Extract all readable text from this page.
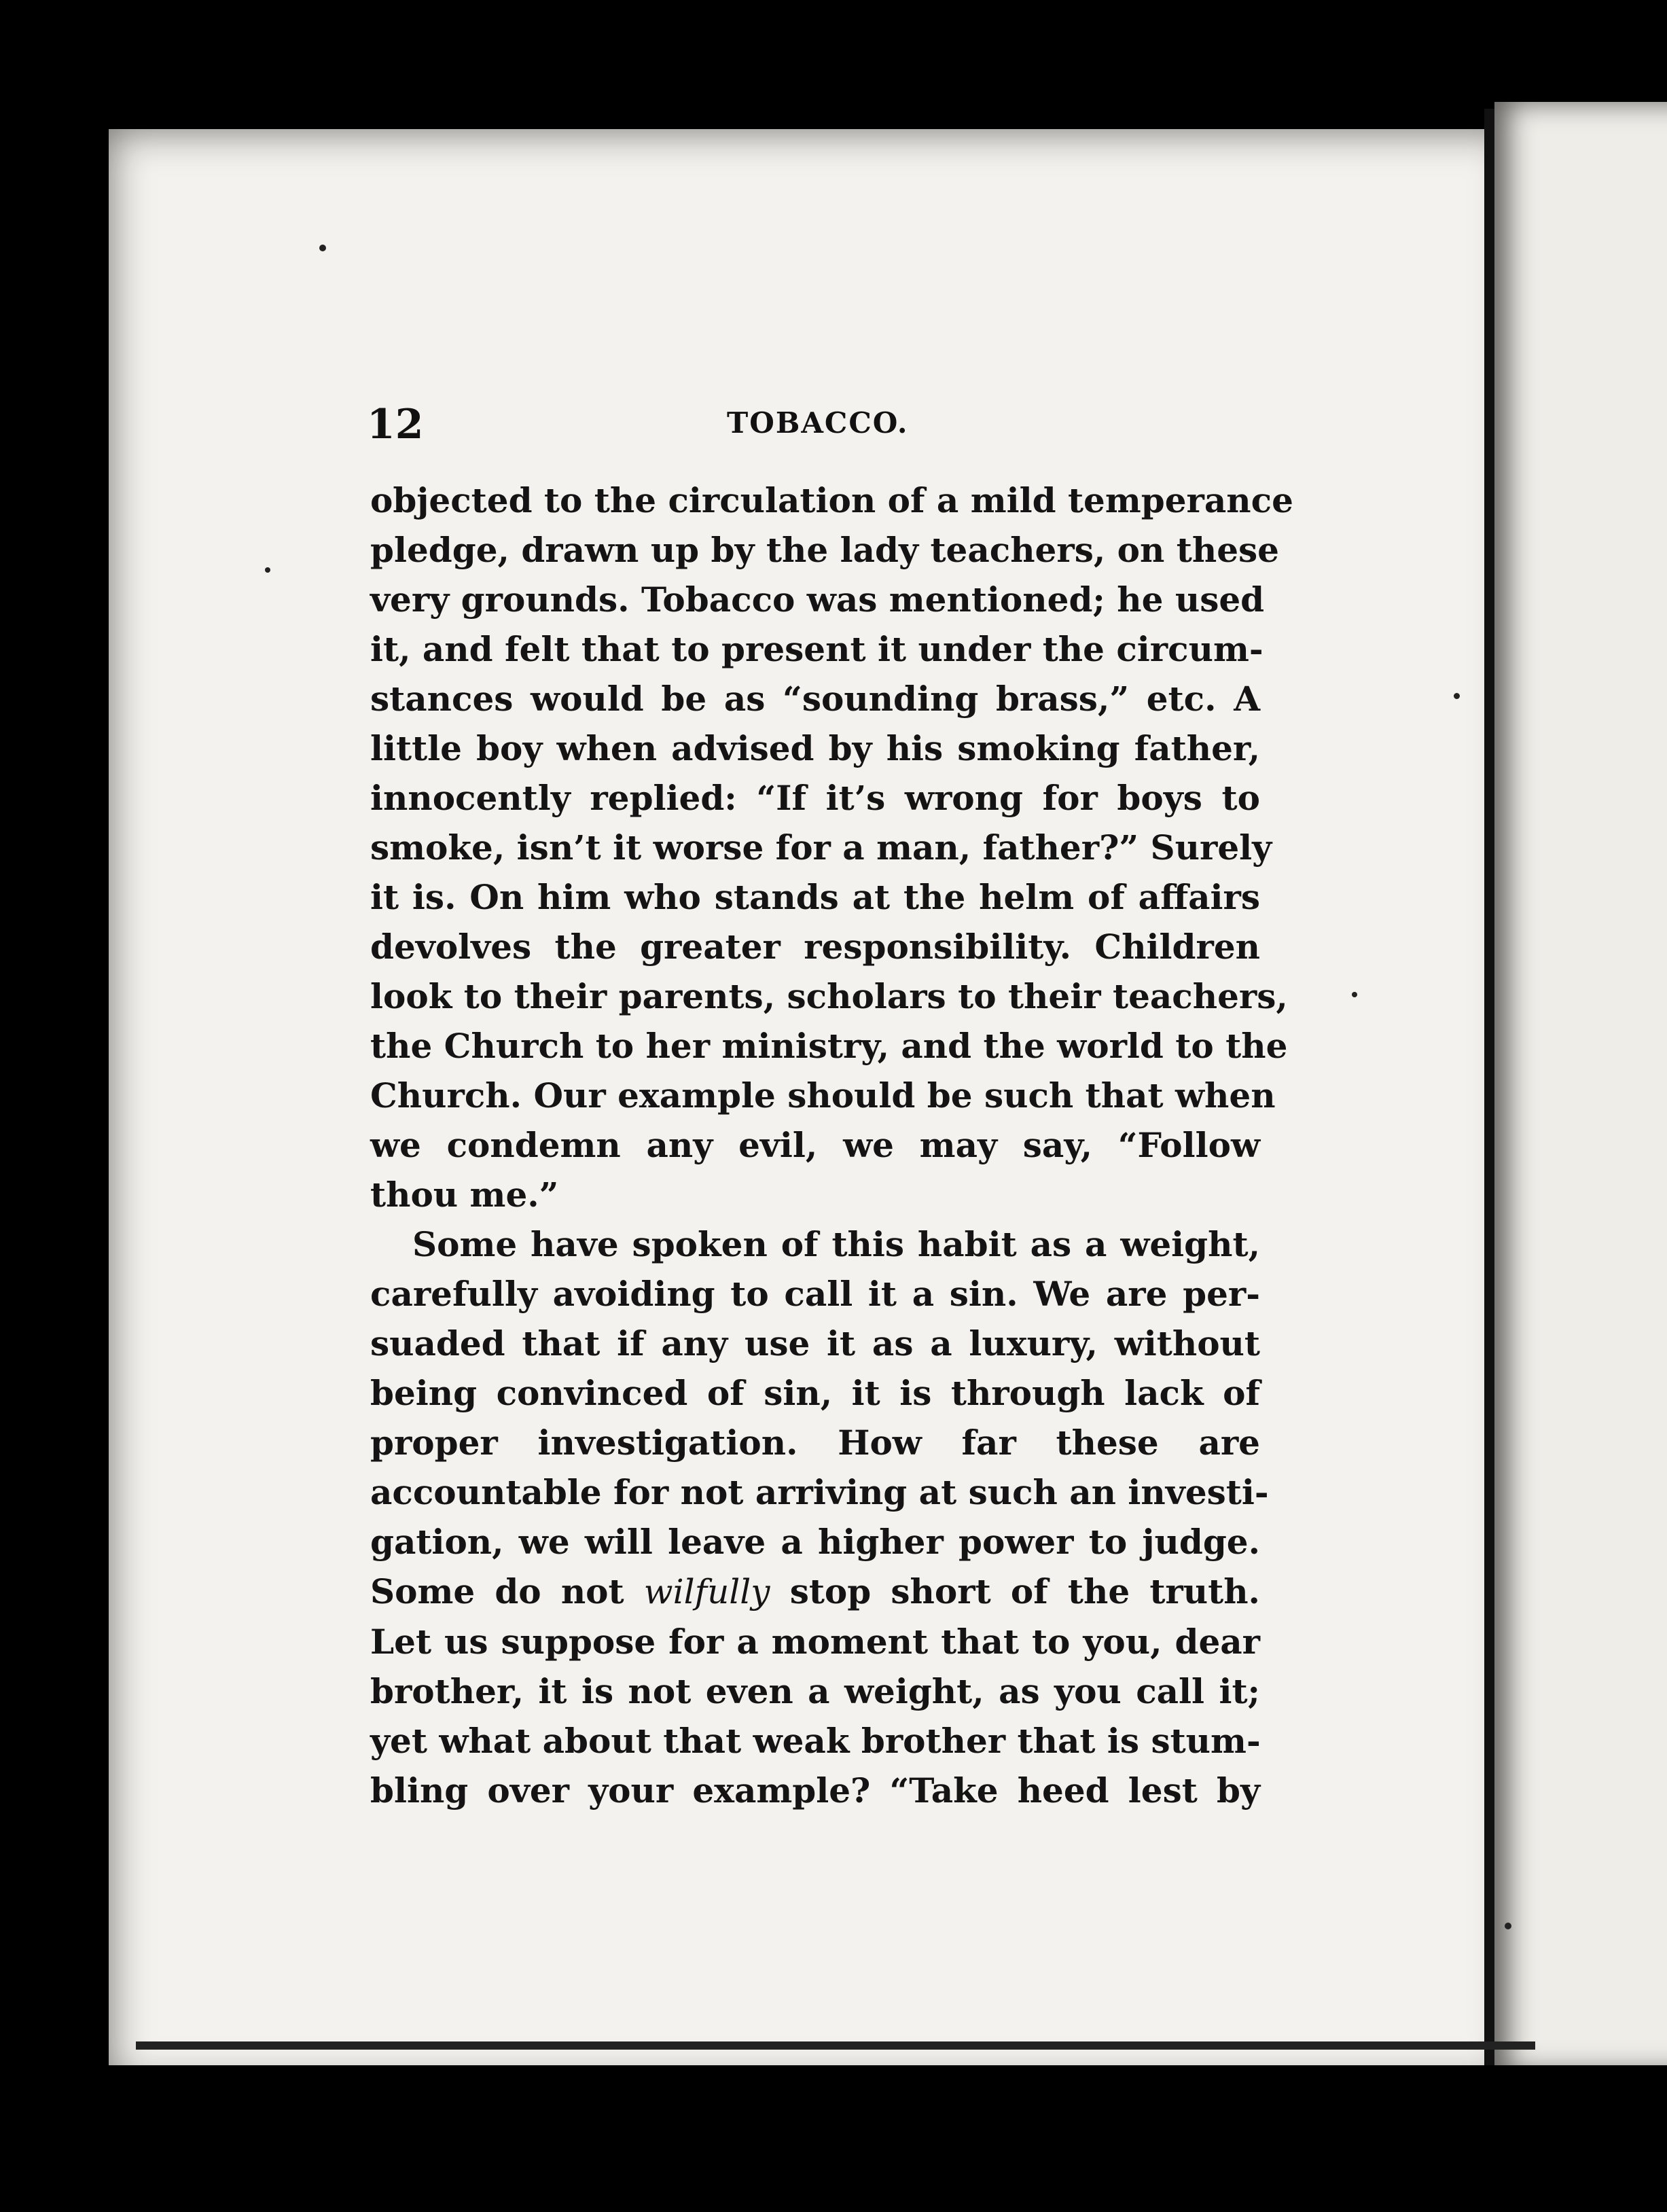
12	TOBACCO.
objected to the circulation of a mild temperance
pledge, drawn up by the lady teachers, on these
very grounds. Tobacco was mentioned; he used
it, and felt that to present it under the circum-
stances would be as “sounding brass,” etc. A
little boy when advised by his smoking father,
innocently replied: “If it’s wrong for boys to
smoke, isn’t it worse for a man, father?” Surely
it is. On him who stands at the helm of affairs
devolves the greater responsibility. Children
look to their parents, scholars to their teachers,
the Church to her ministry, and the world to the
Church. Our example should be such that when
we condemn any evil, we may say, “Follow
thou me.”
Some have spoken of this habit as a weight,
carefully avoiding to call it a sin. We are per-
suaded that if any use it as a luxury, without
being convinced of sin, it is through lack of
proper investigation. How far these are
accountable for not arriving at such an investi-
gation, we will leave a higher power to judge.
Some do not wilfully stop short of the truth.
Let us suppose for a moment that to you, dear
brother, it is not even a weight, as you call it;
yet what about that weak brother that is stum-
bling over your example? “Take heed lest by
